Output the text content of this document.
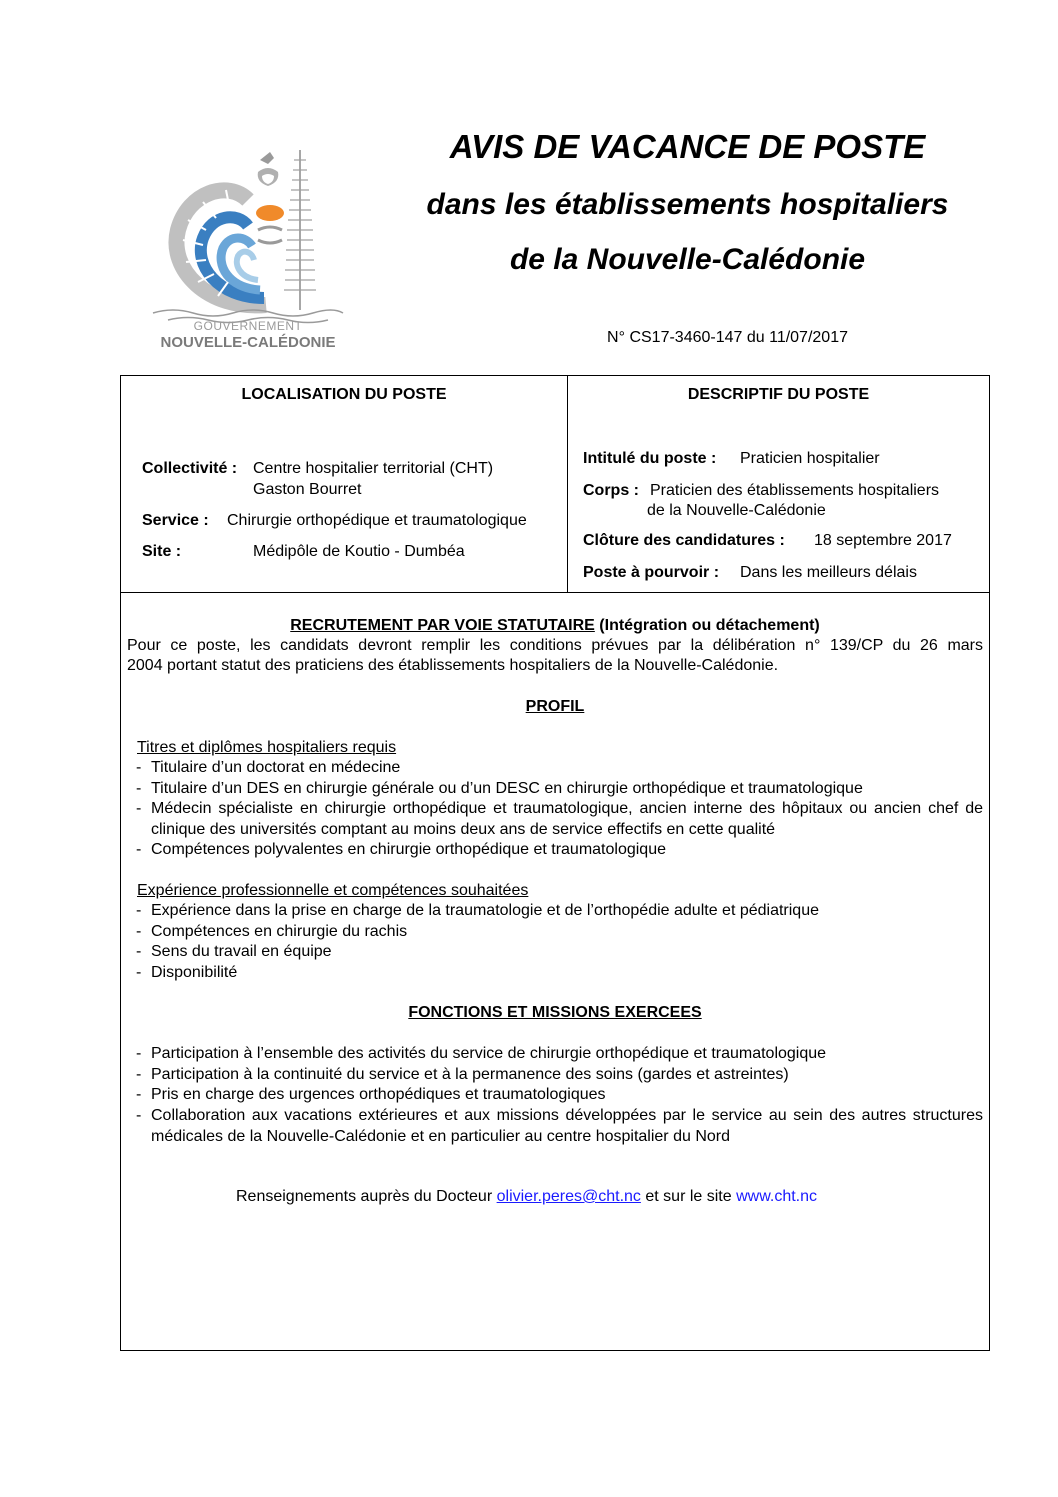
GOUVERNEMENT
NOUVELLE-CALÉDONIE
AVIS DE VACANCE DE POSTE
dans les établissements hospitaliers
de la Nouvelle-Calédonie
N° CS17-3460-147 du 11/07/2017
LOCALISATION DU POSTE
Collectivité : Centre hospitalier territorial (CHT)
Gaston Bourret
Service : Chirurgie orthopédique et traumatologique
Site :	Médipôle de Koutio - Dumbéa
DESCRIPTIF DU POSTE
Intitulé du poste : Praticien hospitalier
Corps : Praticien des établissements hospitaliers
de la Nouvelle-Calédonie
Clôture des candidatures : 18 septembre 2017
Poste à pourvoir : Dans les meilleurs délais
RECRUTEMENT PAR VOIE STATUTAIRE (Intégration ou détachement)
Pour ce poste, les candidats devront remplir les conditions prévues par la délibération n° 139/CP du 26 mars
2004 portant statut des praticiens des établissements hospitaliers de la Nouvelle-Calédonie.
PROFIL
Titres et diplômes hospitaliers requis
- Titulaire d’un doctorat en médecine
- Titulaire d’un DES en chirurgie générale ou d’un DESC en chirurgie orthopédique et traumatologique
- Médecin spécialiste en chirurgie orthopédique et traumatologique, ancien interne des hôpitaux ou ancien chef de clinique des universités comptant au moins deux ans de service effectifs en cette qualité
- Compétences polyvalentes en chirurgie orthopédique et traumatologique
Expérience professionnelle et compétences souhaitées
- Expérience dans la prise en charge de la traumatologie et de l’orthopédie adulte et pédiatrique
- Compétences en chirurgie du rachis
- Sens du travail en équipe
- Disponibilité
FONCTIONS ET MISSIONS EXERCEES
- Participation à l’ensemble des activités du service de chirurgie orthopédique et traumatologique
- Participation à la continuité du service et à la permanence des soins (gardes et astreintes)
- Pris en charge des urgences orthopédiques et traumatologiques
- Collaboration aux vacations extérieures et aux missions développées par le service au sein des autres structures médicales de la Nouvelle-Calédonie et en particulier au centre hospitalier du Nord
Renseignements auprès du Docteur olivier.peres@cht.nc et sur le site www.cht.nc
